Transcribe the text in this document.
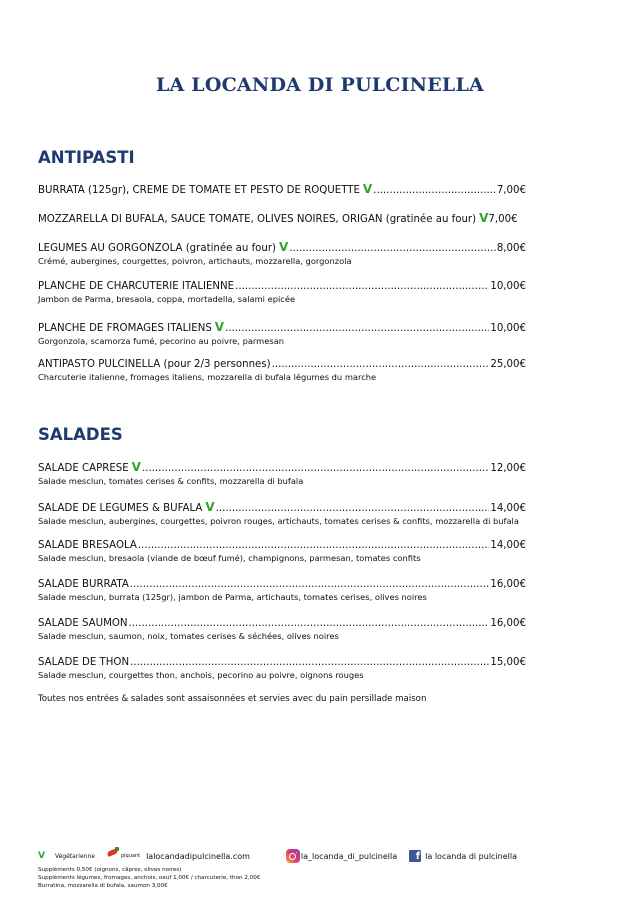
LA LOCANDA DI PULCINELLA
ANTIPASTI
BURRATA (125gr), CREME DE TOMATE ET PESTO DE ROQUETTE V .....	7,00€
MOZZARELLA DI BUFALA, SAUCE TOMATE, OLIVES NOIRES, ORIGAN (gratinée au four) V 7,00€
LEGUMES AU GORGONZOLA (gratinée au four) V .....	8,00€
Crémé, aubergines, courgettes, poivron, artichauts, mozzarella, gorgonzola
PLANCHE DE CHARCUTERIE ITALIENNE .....	10,00€
Jambon de Parma, bresaola, coppa, mortadella, salami epicée
PLANCHE DE FROMAGES ITALIENS V .....	10,00€
Gorgonzola, scamorza fumé, pecorino au poivre, parmesan
ANTIPASTO PULCINELLA (pour 2/3 personnes) .....	25,00€
Charcuterie italienne, fromages italiens, mozzarella di bufala légumes du marche
SALADES
SALADE CAPRESE V .....	12,00€
Salade mesclun, tomates cerises & confits, mozzarella di bufala
SALADE DE LEGUMES & BUFALA V .....	14,00€
Salade mesclun, aubergines, courgettes, poivron rouges, artichauts, tomates cerises & confits, mozzarella di bufala
SALADE BRESAOLA .....	14,00€
Salade mesclun, bresaola (viande de bœuf fumé), champignons, parmesan, tomates confits
SALADE BURRATA .....	16,00€
Salade mesclun, burrata (125gr), jambon de Parma, artichauts, tomates cerises, olives noires
SALADE SAUMON .....	16,00€
Salade mesclun, saumon, noix, tomates cerises & séchées, olives noires
SALADE DE THON .....	15,00€
Salade mesclun, courgettes thon, anchois, pecorino au poivre, oignons rouges
Toutes nos entrées & salades sont assaisonnées et servies avec du pain persillade maison
V Végétarienne	piquant lalocandadipulcinella.com	la_locanda_di_pulcinella	f la locanda di pulcinella
Suppléments 0,50€ (oignons, câpres, olives noires)
Suppléments légumes, fromages, anchois, oeuf 1,00€ / charcuterie, thon 2,00€
Burratina, mozzarella di bufala, saumon 3,00€
